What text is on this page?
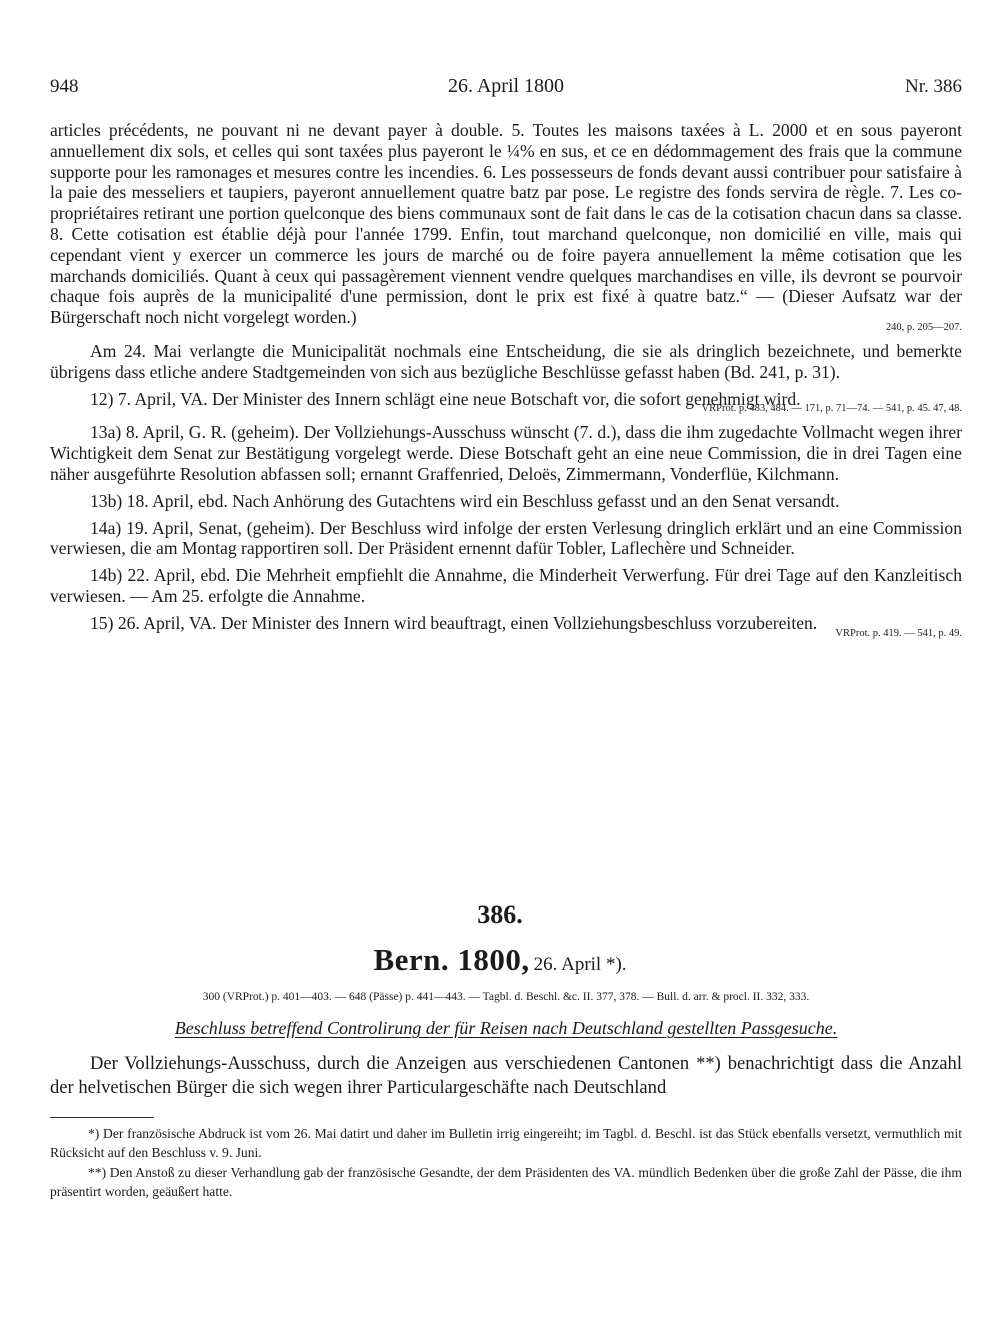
948	26. April 1800	Nr. 386

articles précédents, ne pouvant ni ne devant payer à double. 5. Toutes les maisons taxées à L. 2000 et en sous payeront annuellement dix sols, et celles qui sont taxées plus payeront le ¼% en sus, et ce en dédommagement des frais que la commune supporte pour les ramonages et mesures contre les incendies. 6. Les possesseurs de fonds devant aussi contribuer pour satisfaire à la paie des messeliers et taupiers, payeront annuellement quatre batz par pose. Le registre des fonds servira de règle. 7. Les co-propriétaires retirant une portion quelconque des biens communaux sont de fait dans le cas de la cotisation chacun dans sa classe. 8. Cette cotisation est établie déjà pour l'année 1799. Enfin, tout marchand quelconque, non domicilié en ville, mais qui cependant vient y exercer un commerce les jours de marché ou de foire payera annuellement la même cotisation que les marchands domiciliés. Quant à ceux qui passagèrement viennent vendre quelques marchandises en ville, ils devront se pourvoir chaque fois auprès de la municipalité d'une permission, dont le prix est fixé à quatre batz.“ — (Dieser Aufsatz war der Bürgerschaft noch nicht vorgelegt worden.)

240, p. 205—207.

Am 24. Mai verlangte die Municipalität nochmals eine Entscheidung, die sie als dringlich bezeichnete, und bemerkte übrigens dass etliche andere Stadtgemeinden von sich aus bezügliche Beschlüsse gefasst haben (Bd. 241, p. 31).

12) 7. April, VA. Der Minister des Innern schlägt eine neue Botschaft vor, die sofort genehmigt wird.

VRProt. p. 483, 484. — 171, p. 71—74. — 541, p. 45. 47, 48.

13a) 8. April, G. R. (geheim). Der Vollziehungs-Ausschuss wünscht (7. d.), dass die ihm zugedachte Vollmacht wegen ihrer Wichtigkeit dem Senat zur Bestätigung vorgelegt werde. Diese Botschaft geht an eine neue Commission, die in drei Tagen eine näher ausgeführte Resolution abfassen soll; ernannt Graffenried, Deloës, Zimmermann, Vonderflüe, Kilchmann.

13b) 18. April, ebd. Nach Anhörung des Gutachtens wird ein Beschluss gefasst und an den Senat versandt.

14a) 19. April, Senat, (geheim). Der Beschluss wird infolge der ersten Verlesung dringlich erklärt und an eine Commission verwiesen, die am Montag rapportiren soll. Der Präsident ernennt dafür Tobler, Laflechère und Schneider.

14b) 22. April, ebd. Die Mehrheit empfiehlt die Annahme, die Minderheit Verwerfung. Für drei Tage auf den Kanzleitisch verwiesen. — Am 25. erfolgte die Annahme.

15) 26. April, VA. Der Minister des Innern wird beauftragt, einen Vollziehungsbeschluss vorzubereiten.

VRProt. p. 419. — 541, p. 49.
386.
Bern. 1800, 26. April *).
300 (VRProt.) p. 401—403. — 648 (Pässe) p. 441—443. — Tagbl. d. Beschl. &c. II. 377, 378. — Bull. d. arr. & procl. II. 332, 333.
Beschluss betreffend Controlirung der für Reisen nach Deutschland gestellten Passgesuche.
Der Vollziehungs-Ausschuss, durch die Anzeigen aus verschiedenen Cantonen **) benachrichtigt dass die Anzahl der helvetischen Bürger die sich wegen ihrer Particulargeschäfte nach Deutschland
*) Der französische Abdruck ist vom 26. Mai datirt und daher im Bulletin irrig eingereiht; im Tagbl. d. Beschl. ist das Stück ebenfalls versetzt, vermuthlich mit Rücksicht auf den Beschluss v. 9. Juni.
**) Den Anstoß zu dieser Verhandlung gab der französische Gesandte, der dem Präsidenten des VA. mündlich Bedenken über die große Zahl der Pässe, die ihm präsentirt worden, geäußert hatte.
